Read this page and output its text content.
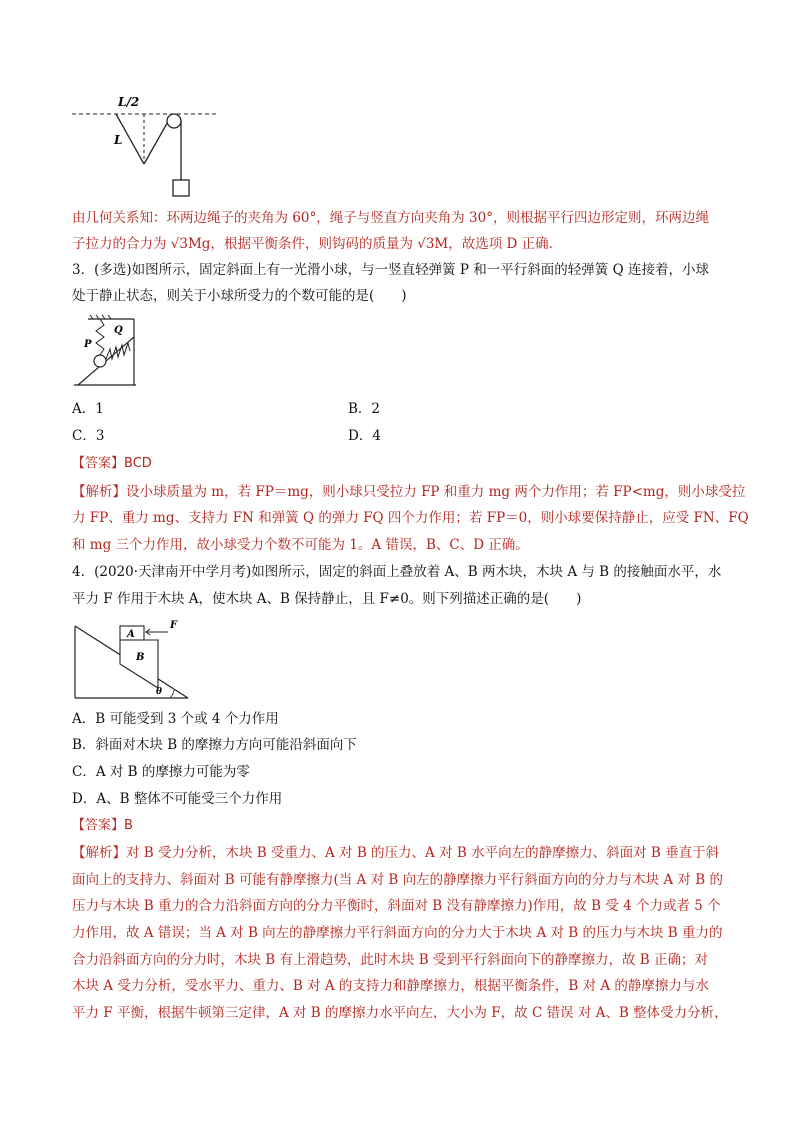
L/2
L
由几何关系知：环两边绳子的夹角为 60°，绳子与竖直方向夹角为 30°，则根据平行四边形定则，环两边绳
子拉力的合力为 √3Mg，根据平衡条件，则钩码的质量为 √3M，故选项 D 正确．
3．(多选)如图所示，固定斜面上有一光滑小球，与一竖直轻弹簧 P 和一平行斜面的轻弹簧 Q 连接着，小球
处于静止状态，则关于小球所受力的个数可能的是(　　)
P
Q
A．1	B．2
C．3	D．4
【答案】BCD
【解析】设小球质量为 m，若 FP＝mg，则小球只受拉力 FP 和重力 mg 两个力作用；若 FP<mg，则小球受拉
力 FP、重力 mg、支持力 FN 和弹簧 Q 的弹力 FQ 四个力作用；若 FP＝0，则小球要保持静止，应受 FN、FQ
和 mg 三个力作用，故小球受力个数不可能为 1。A 错误，B、C、D 正确。
4．(2020·天津南开中学月考)如图所示，固定的斜面上叠放着 A、B 两木块，木块 A 与 B 的接触面水平，水
平力 F 作用于木块 A，使木块 A、B 保持静止，且 F≠0。则下列描述正确的是(　　)
A
B
F
θ
A．B 可能受到 3 个或 4 个力作用
B．斜面对木块 B 的摩擦力方向可能沿斜面向下
C．A 对 B 的摩擦力可能为零
D．A、B 整体不可能受三个力作用
【答案】B
【解析】对 B 受力分析，木块 B 受重力、A 对 B 的压力、A 对 B 水平向左的静摩擦力、斜面对 B 垂直于斜
面向上的支持力、斜面对 B 可能有静摩擦力(当 A 对 B 向左的静摩擦力平行斜面方向的分力与木块 A 对 B 的
压力与木块 B 重力的合力沿斜面方向的分力平衡时，斜面对 B 没有静摩擦力)作用，故 B 受 4 个力或者 5 个
力作用，故 A 错误；当 A 对 B 向左的静摩擦力平行斜面方向的分力大于木块 A 对 B 的压力与木块 B 重力的
合力沿斜面方向的分力时，木块 B 有上滑趋势，此时木块 B 受到平行斜面向下的静摩擦力，故 B 正确；对
木块 A 受力分析，受水平力、重力、B 对 A 的支持力和静摩擦力，根据平衡条件，B 对 A 的静摩擦力与水
平力 F 平衡，根据牛顿第三定律，A 对 B 的摩擦力水平向左，大小为 F，故 C 错误 对 A、B 整体受力分析，
